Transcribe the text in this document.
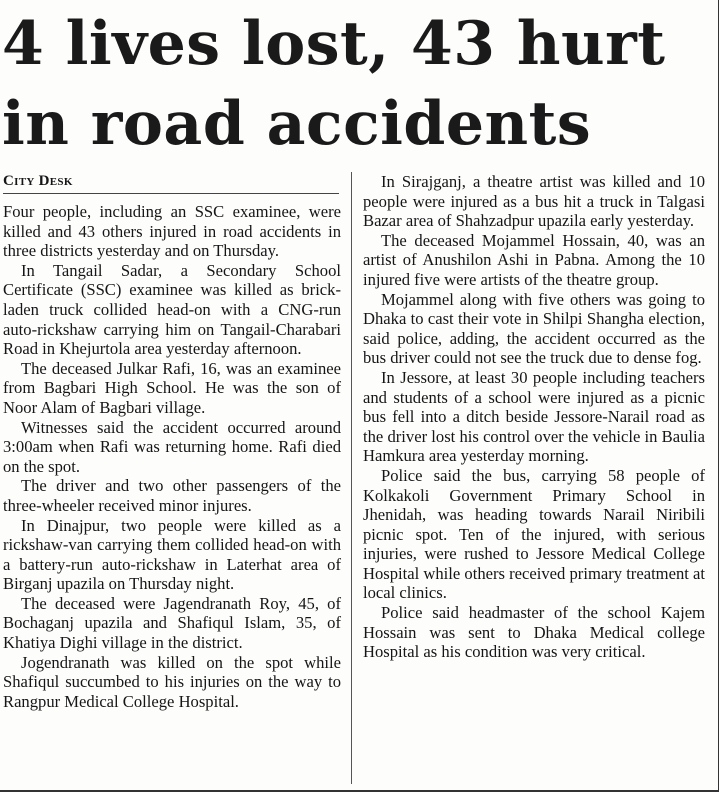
4 lives lost, 43 hurt
in road accidents
City Desk

Four people, including an SSC examinee, were killed and 43 others injured in road accidents in three districts yesterday and on Thursday.

In Tangail Sadar, a Secondary School Certificate (SSC) examinee was killed as brick-laden truck collided head-on with a CNG-run auto-rickshaw carrying him on Tangail-Charabari Road in Khejurtola area yesterday afternoon.

The deceased Julkar Rafi, 16, was an examinee from Bagbari High School. He was the son of Noor Alam of Bagbari village.

Witnesses said the accident occurred around 3:00am when Rafi was returning home. Rafi died on the spot.

The driver and two other passengers of the three-wheeler received minor injures.

In Dinajpur, two people were killed as a rickshaw-van carrying them collided head-on with a battery-run auto-rickshaw in Laterhat area of Birganj upazila on Thursday night.

The deceased were Jagendranath Roy, 45, of Bochaganj upazila and Shafiqul Islam, 35, of Khatiya Dighi village in the district.

Jogendranath was killed on the spot while Shafiqul succumbed to his injuries on the way to Rangpur Medical College Hospital.

In Sirajganj, a theatre artist was killed and 10 people were injured as a bus hit a truck in Talgasi Bazar area of Shahzadpur upazila early yesterday.

The deceased Mojammel Hossain, 40, was an artist of Anushilon Ashi in Pabna. Among the 10 injured five were artists of the theatre group.

Mojammel along with five others was going to Dhaka to cast their vote in Shilpi Shangha election, said police, adding, the accident occurred as the bus driver could not see the truck due to dense fog.

In Jessore, at least 30 people including teachers and students of a school were injured as a picnic bus fell into a ditch beside Jessore-Narail road as the driver lost his control over the vehicle in Baulia Hamkura area yesterday morning.

Police said the bus, carrying 58 people of Kolkakoli Government Primary School in Jhenidah, was heading towards Narail Niribili picnic spot. Ten of the injured, with serious injuries, were rushed to Jessore Medical College Hospital while others received primary treatment at local clinics.

Police said headmaster of the school Kajem Hossain was sent to Dhaka Medical college Hospital as his condition was very critical.
